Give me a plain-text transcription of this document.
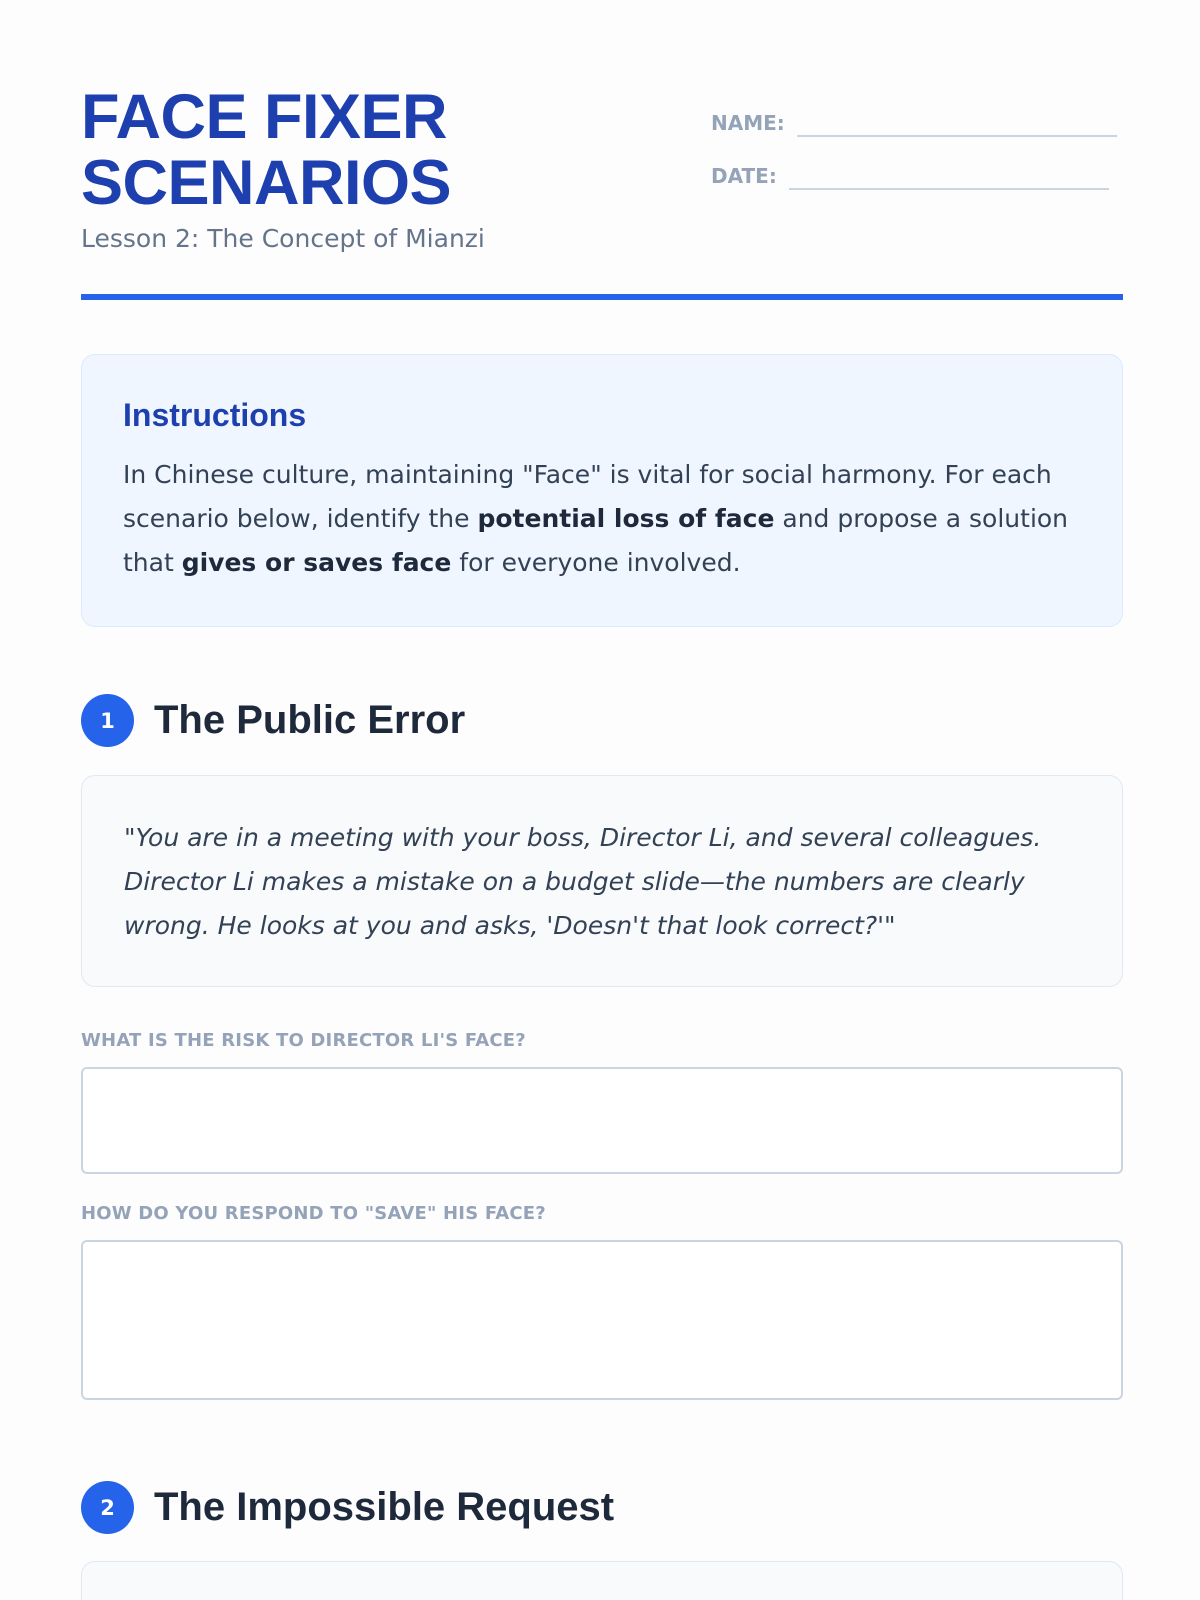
FACE FIXER
SCENARIOS
Lesson 2: The Concept of Mianzi
NAME:
DATE:
Instructions

In Chinese culture, maintaining "Face" is vital for social harmony. For each scenario below, identify the potential loss of face and propose a solution that gives or saves face for everyone involved.

1 The Public Error

"You are in a meeting with your boss, Director Li, and several colleagues. Director Li makes a mistake on a budget slide—the numbers are clearly wrong. He looks at you and asks, 'Doesn't that look correct?'"

WHAT IS THE RISK TO DIRECTOR LI'S FACE?
HOW DO YOU RESPOND TO "SAVE" HIS FACE?
2 The Impossible Request
